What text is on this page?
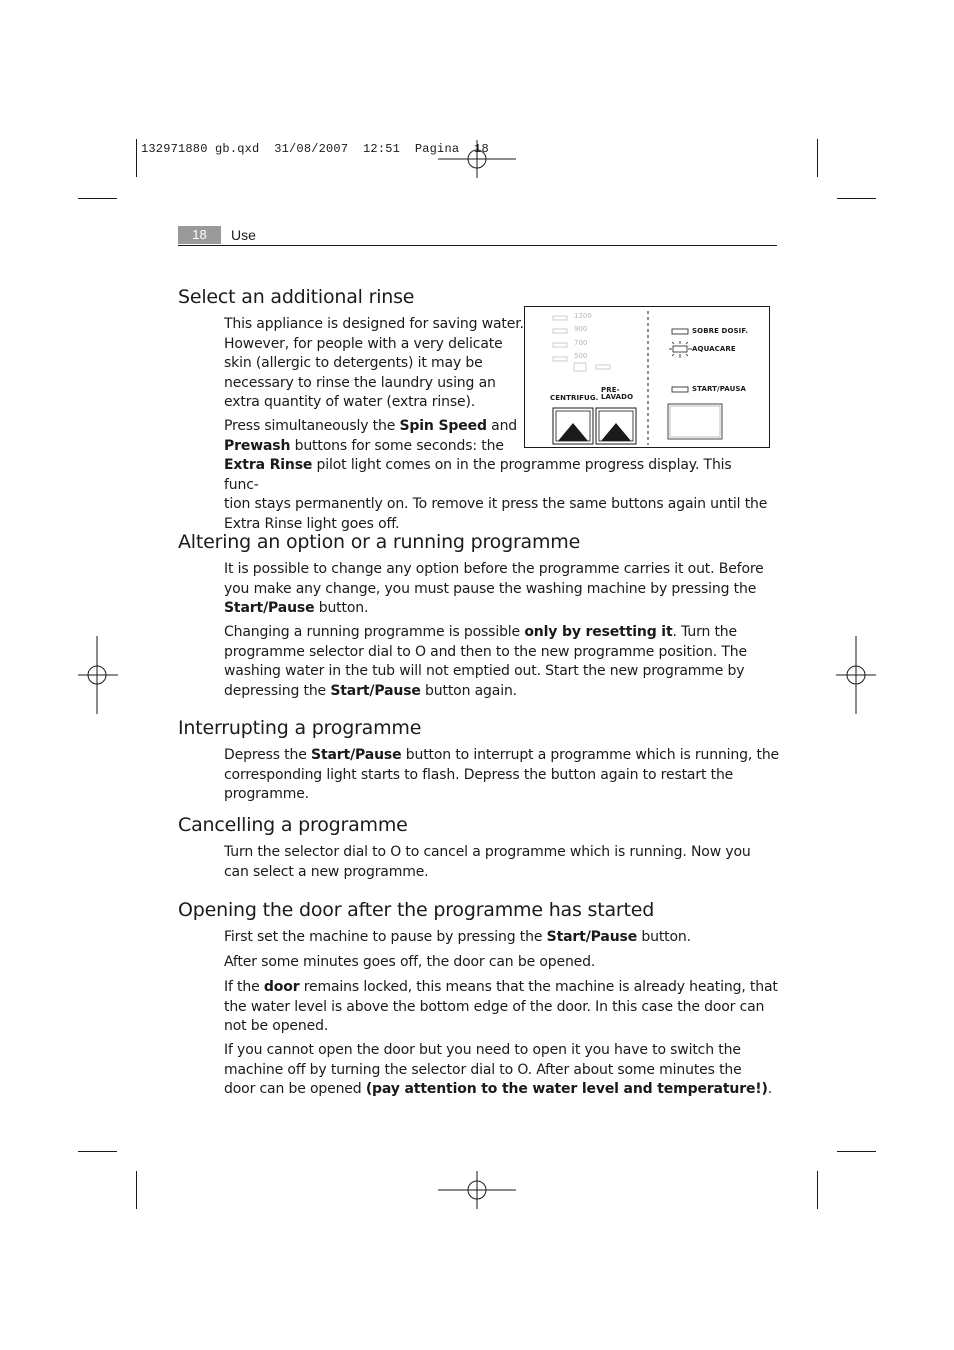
132971880 gb.qxd  31/08/2007  12:51  Pagina  18
18	Use
Select an additional rinse

This appliance is designed for saving water.
However, for people with a very delicate
skin (allergic to detergents) it may be
necessary to rinse the laundry using an
extra quantity of water (extra rinse).

Press simultaneously the Spin Speed and
Prewash buttons for some seconds: the
Extra Rinse pilot light comes on in the programme progress display. This func-
tion stays permanently on. To remove it press the same buttons again until the
Extra Rinse light goes off.

1200
900
700
500
CENTRIFUG.
PRE-
LAVADO
SOBRE DOSIF.
AQUACARE
START/PAUSA
Altering an option or a running programme

It is possible to change any option before the programme carries it out. Before
you make any change, you must pause the washing machine by pressing the
Start/Pause button.

Changing a running programme is possible only by resetting it. Turn the
programme selector dial to O and then to the new programme position. The
washing water in the tub will not emptied out. Start the new programme by
depressing the Start/Pause button again.

Interrupting a programme

Depress the Start/Pause button to interrupt a programme which is running, the
corresponding light starts to flash. Depress the button again to restart the
programme.

Cancelling a programme

Turn the selector dial to O to cancel a programme which is running. Now you
can select a new programme.

Opening the door after the programme has started

First set the machine to pause by pressing the Start/Pause button.

After some minutes goes off, the door can be opened.

If the door remains locked, this means that the machine is already heating, that
the water level is above the bottom edge of the door. In this case the door can
not be opened.

If you cannot open the door but you need to open it you have to switch the
machine off by turning the selector dial to O. After about some minutes the
door can be opened (pay attention to the water level and temperature!).
